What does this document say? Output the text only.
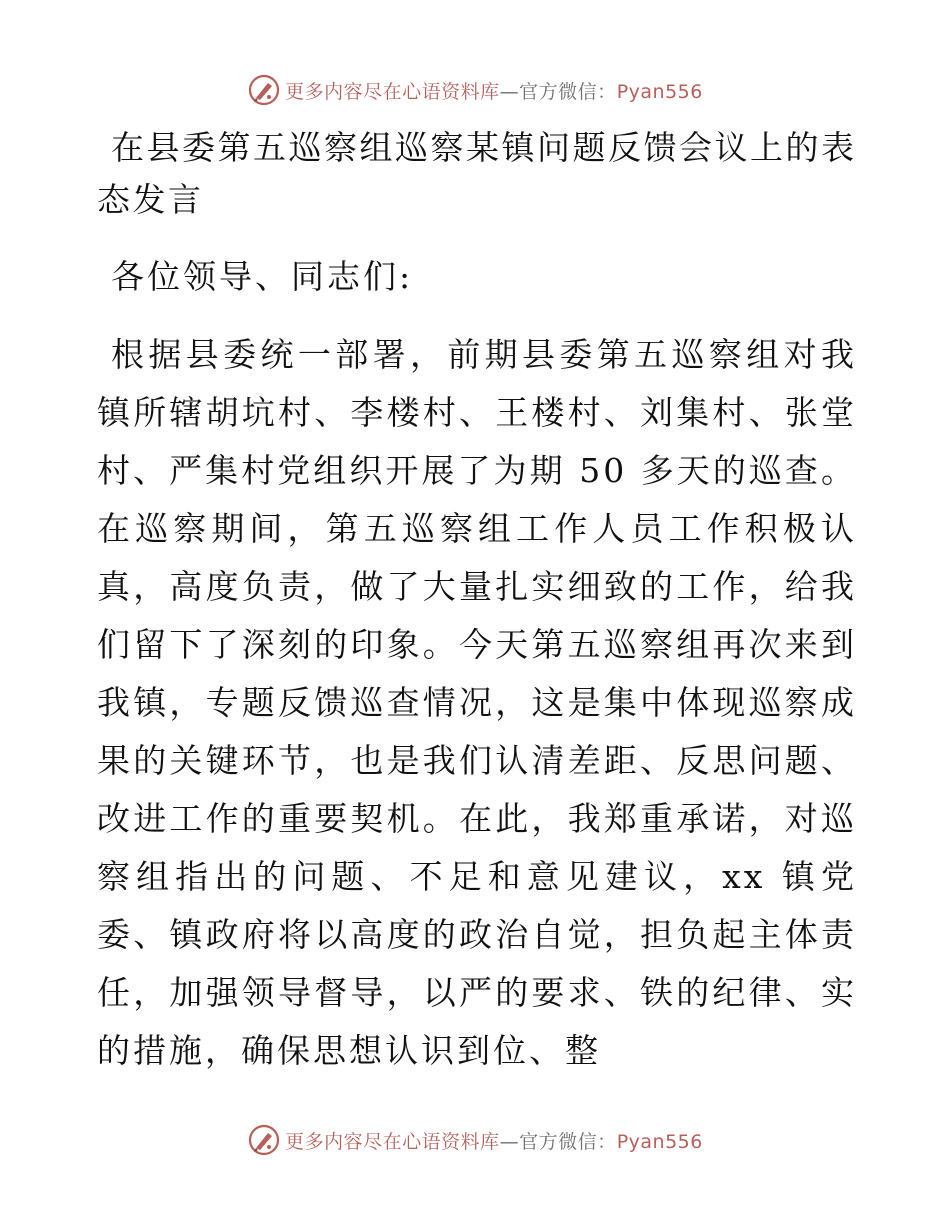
更多内容尽在心语资料库—官方微信：Pyan556
在县委第五巡察组巡察某镇问题反馈会议上的表态发言

各位领导、同志们:

根据县委统一部署，前期县委第五巡察组对我镇所辖胡坑村、李楼村、王楼村、刘集村、张堂村、严集村党组织开展了为期 50 多天的巡查。在巡察期间，第五巡察组工作人员工作积极认真，高度负责，做了大量扎实细致的工作，给我们留下了深刻的印象。今天第五巡察组再次来到我镇，专题反馈巡查情况，这是集中体现巡察成果的关键环节，也是我们认清差距、反思问题、改进工作的重要契机。在此，我郑重承诺，对巡察组指出的问题、不足和意见建议，xx 镇党委、镇政府将以高度的政治自觉，担负起主体责任，加强领导督导，以严的要求、铁的纪律、实的措施，确保思想认识到位、整

更多内容尽在心语资料库—官方微信：Pyan556
